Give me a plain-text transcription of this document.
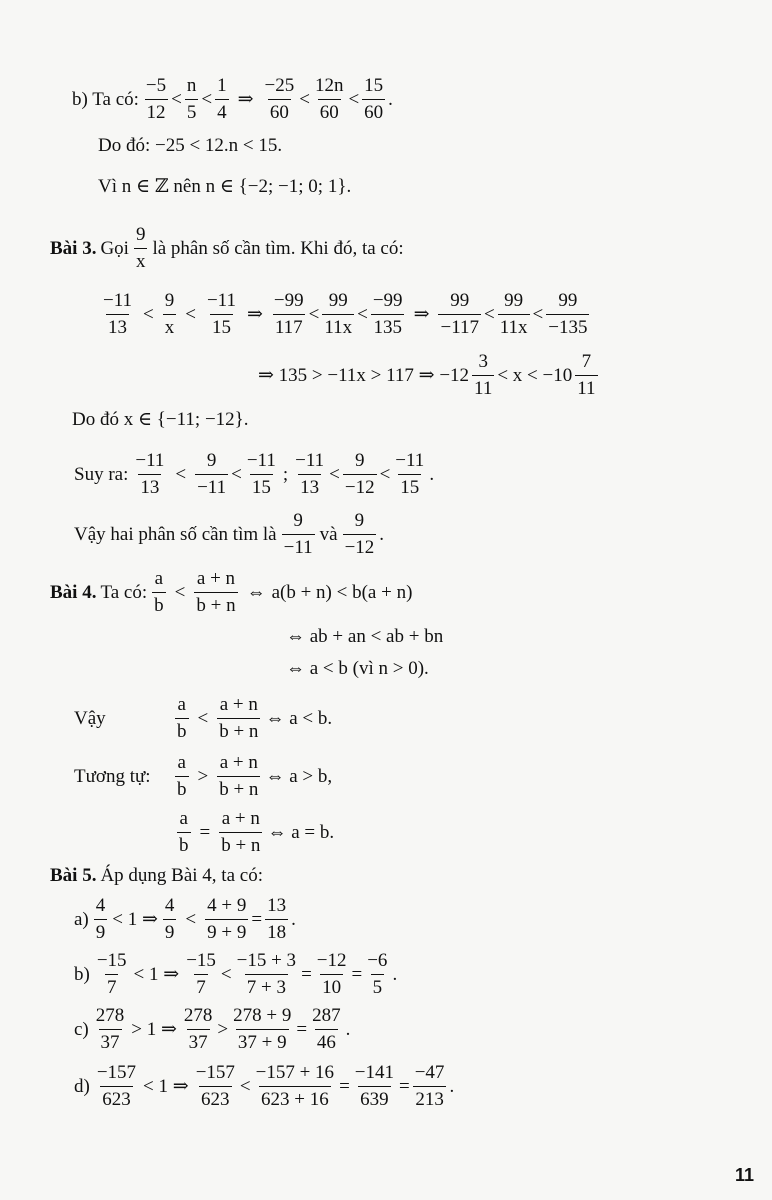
b) Ta có: $\frac{-5}{12} < \frac{n}{5} < \frac{1}{4}$ ⇒ $\frac{-25}{60} < \frac{12n}{60} < \frac{15}{60}$ .
Do đó: −25 < 12.n < 15.
Vì n ∈ ℤ nên n ∈ {−2; −1; 0; 1}.
Bài 3. Gọi $\frac{9}{x}$ là phân số cần tìm. Khi đó, ta có:
$\frac{-11}{13} < \frac{9}{x} < \frac{-11}{15}$ ⇒ $\frac{-99}{117} < \frac{99}{11x} < \frac{-99}{135}$ ⇒ $\frac{99}{-117} < \frac{99}{11x} < \frac{99}{-135}$
⇒ 135 > −11x > 117 ⇒ $-12 \frac{3}{11} < x < -10 \frac{7}{11}$
Do đó x ∈ {−11; −12}.
Suy ra: $\frac{-11}{13} < \frac{9}{-11} < \frac{-11}{15}$ ; $\frac{-11}{13} < \frac{9}{-12} < \frac{-11}{15}$ .
Vậy hai phân số cần tìm là $\frac{9}{-11}$ và $\frac{9}{-12}$ .
Bài 4. Ta có: $\frac{a}{b} < \frac{a + n}{b + n}$ ⇔ a(b + n) < b(a + n)
⇔ ab + an < ab + bn
⇔ a < b (vì n > 0).
Vậy	$\frac{a}{b} < \frac{a + n}{b + n}$ ⇔ a < b.
Tương tự:	$\frac{a}{b} > \frac{a + n}{b + n}$ ⇔ a > b,
$\frac{a}{b} = \frac{a + n}{b + n}$ ⇔ a = b.
Bài 5. Áp dụng Bài 4, ta có:
$a) \frac{4}{9} < 1$ ⇒ $\frac{4}{9} < \frac{4 + 9}{9 + 9} = \frac{13}{18}$ .
$b) \frac{-15}{7} < 1$ ⇒ $\frac{-15}{7} < \frac{-15 + 3}{7 + 3} = \frac{-12}{10} = \frac{-6}{5}$ .
$c) \frac{278}{37} > 1$ ⇒ $\frac{278}{37} > \frac{278 + 9}{37 + 9} = \frac{287}{46}$ .
$d) \frac{-157}{623} < 1$ ⇒ $\frac{-157}{623} < \frac{-157 + 16}{623 + 16} = \frac{-141}{639} = \frac{-47}{213}$ .
11
